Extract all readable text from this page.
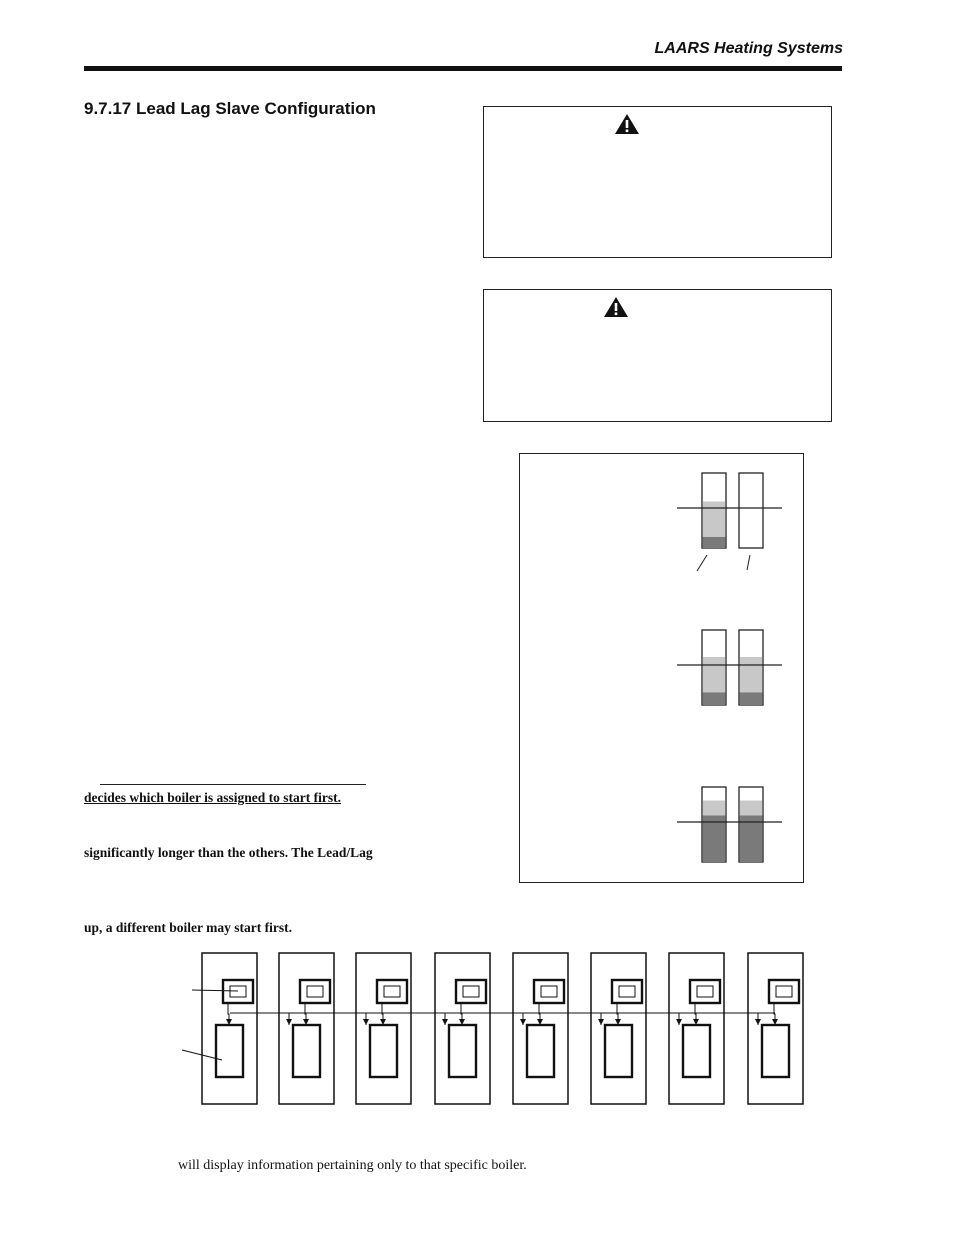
LAARS Heating Systems
9.7.17 Lead Lag Slave Configuration
decides which boiler is assigned to start first.
significantly longer than the others. The Lead/Lag
up, a different boiler may start first.
will display information pertaining only to that specific boiler.
